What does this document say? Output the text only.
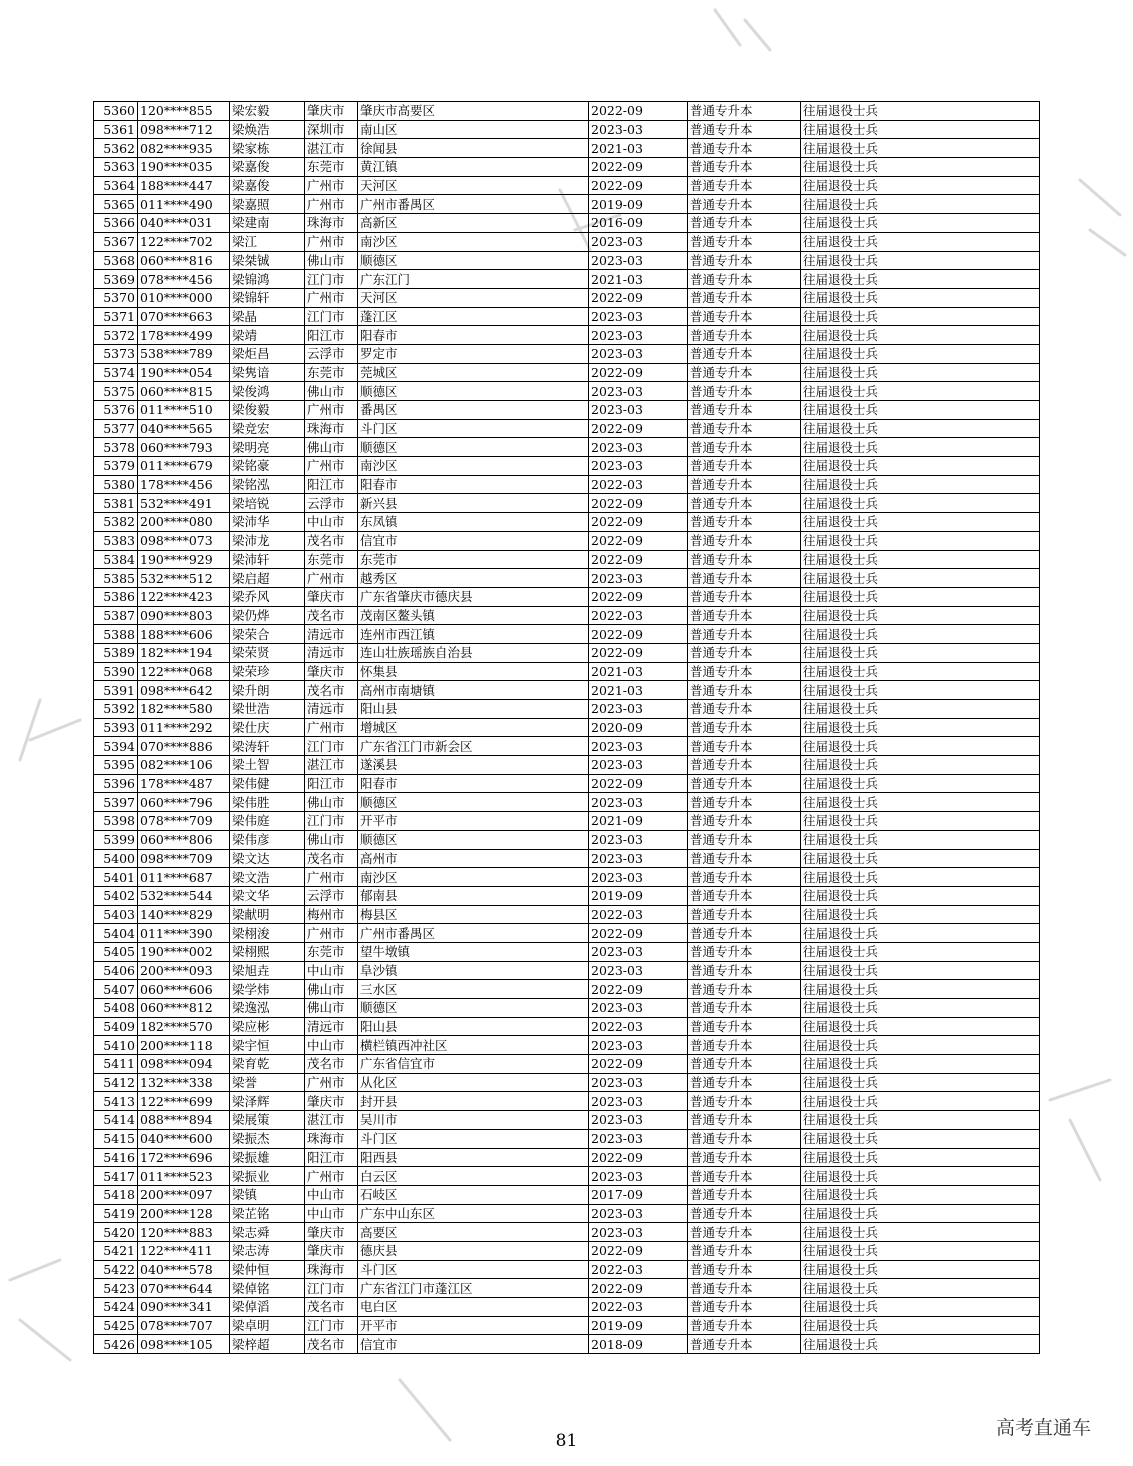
5360	120****855	梁宏毅	肇庆市	肇庆市高要区	2022-09	普通专升本	往届退役士兵
5361	098****712	梁焕浩	深圳市	南山区	2023-03	普通专升本	往届退役士兵
5362	082****935	梁家栋	湛江市	徐闻县	2021-03	普通专升本	往届退役士兵
5363	190****035	梁嘉俊	东莞市	黄江镇	2022-09	普通专升本	往届退役士兵
5364	188****447	梁嘉俊	广州市	天河区	2022-09	普通专升本	往届退役士兵
5365	011****490	梁嘉照	广州市	广州市番禺区	2019-09	普通专升本	往届退役士兵
5366	040****031	梁建南	珠海市	高新区	2016-09	普通专升本	往届退役士兵
5367	122****702	梁江	广州市	南沙区	2023-03	普通专升本	往届退役士兵
5368	060****816	梁桀铖	佛山市	顺德区	2023-03	普通专升本	往届退役士兵
5369	078****456	梁锦鸿	江门市	广东江门	2021-03	普通专升本	往届退役士兵
5370	010****000	梁锦轩	广州市	天河区	2022-09	普通专升本	往届退役士兵
5371	070****663	梁晶	江门市	蓬江区	2023-03	普通专升本	往届退役士兵
5372	178****499	梁靖	阳江市	阳春市	2023-03	普通专升本	往届退役士兵
5373	538****789	梁炬昌	云浮市	罗定市	2023-03	普通专升本	往届退役士兵
5374	190****054	梁隽谙	东莞市	莞城区	2022-09	普通专升本	往届退役士兵
5375	060****815	梁俊鸿	佛山市	顺德区	2023-03	普通专升本	往届退役士兵
5376	011****510	梁俊毅	广州市	番禺区	2023-03	普通专升本	往届退役士兵
5377	040****565	梁竞宏	珠海市	斗门区	2022-09	普通专升本	往届退役士兵
5378	060****793	梁明亮	佛山市	顺德区	2023-03	普通专升本	往届退役士兵
5379	011****679	梁铭豪	广州市	南沙区	2023-03	普通专升本	往届退役士兵
5380	178****456	梁铭泓	阳江市	阳春市	2022-03	普通专升本	往届退役士兵
5381	532****491	梁培锐	云浮市	新兴县	2022-09	普通专升本	往届退役士兵
5382	200****080	梁沛华	中山市	东凤镇	2022-09	普通专升本	往届退役士兵
5383	098****073	梁沛龙	茂名市	信宜市	2022-09	普通专升本	往届退役士兵
5384	190****929	梁沛轩	东莞市	东莞市	2022-09	普通专升本	往届退役士兵
5385	532****512	梁启超	广州市	越秀区	2023-03	普通专升本	往届退役士兵
5386	122****423	梁乔风	肇庆市	广东省肇庆市德庆县	2022-09	普通专升本	往届退役士兵
5387	090****803	梁仍烨	茂名市	茂南区鳌头镇	2022-03	普通专升本	往届退役士兵
5388	188****606	梁荣合	清远市	连州市西江镇	2022-09	普通专升本	往届退役士兵
5389	182****194	梁荣贤	清远市	连山壮族瑶族自治县	2022-09	普通专升本	往届退役士兵
5390	122****068	梁荣珍	肇庆市	怀集县	2021-03	普通专升本	往届退役士兵
5391	098****642	梁升朗	茂名市	高州市南塘镇	2021-03	普通专升本	往届退役士兵
5392	182****580	梁世浩	清远市	阳山县	2023-03	普通专升本	往届退役士兵
5393	011****292	梁仕庆	广州市	增城区	2020-09	普通专升本	往届退役士兵
5394	070****886	梁涛轩	江门市	广东省江门市新会区	2023-03	普通专升本	往届退役士兵
5395	082****106	梁土智	湛江市	遂溪县	2023-03	普通专升本	往届退役士兵
5396	178****487	梁伟健	阳江市	阳春市	2022-09	普通专升本	往届退役士兵
5397	060****796	梁伟胜	佛山市	顺德区	2023-03	普通专升本	往届退役士兵
5398	078****709	梁伟庭	江门市	开平市	2021-09	普通专升本	往届退役士兵
5399	060****806	梁伟彦	佛山市	顺德区	2023-03	普通专升本	往届退役士兵
5400	098****709	梁文达	茂名市	高州市	2023-03	普通专升本	往届退役士兵
5401	011****687	梁文浩	广州市	南沙区	2023-03	普通专升本	往届退役士兵
5402	532****544	梁文华	云浮市	郁南县	2019-09	普通专升本	往届退役士兵
5403	140****829	梁献明	梅州市	梅县区	2022-03	普通专升本	往届退役士兵
5404	011****390	梁栩浚	广州市	广州市番禺区	2022-09	普通专升本	往届退役士兵
5405	190****002	梁栩熙	东莞市	望牛墩镇	2023-03	普通专升本	往届退役士兵
5406	200****093	梁旭垚	中山市	阜沙镇	2023-03	普通专升本	往届退役士兵
5407	060****606	梁学炜	佛山市	三水区	2022-09	普通专升本	往届退役士兵
5408	060****812	梁逸泓	佛山市	顺德区	2023-03	普通专升本	往届退役士兵
5409	182****570	梁应彬	清远市	阳山县	2022-03	普通专升本	往届退役士兵
5410	200****118	梁宇恒	中山市	横栏镇西冲社区	2023-03	普通专升本	往届退役士兵
5411	098****094	梁育乾	茂名市	广东省信宜市	2022-09	普通专升本	往届退役士兵
5412	132****338	梁誉	广州市	从化区	2023-03	普通专升本	往届退役士兵
5413	122****699	梁泽辉	肇庆市	封开县	2023-03	普通专升本	往届退役士兵
5414	088****894	梁展策	湛江市	吴川市	2023-03	普通专升本	往届退役士兵
5415	040****600	梁振杰	珠海市	斗门区	2023-03	普通专升本	往届退役士兵
5416	172****696	梁振雄	阳江市	阳西县	2022-09	普通专升本	往届退役士兵
5417	011****523	梁振业	广州市	白云区	2023-03	普通专升本	往届退役士兵
5418	200****097	梁镇	中山市	石岐区	2017-09	普通专升本	往届退役士兵
5419	200****128	梁芷铭	中山市	广东中山东区	2023-03	普通专升本	往届退役士兵
5420	120****883	梁志舜	肇庆市	高要区	2023-03	普通专升本	往届退役士兵
5421	122****411	梁志涛	肇庆市	德庆县	2022-09	普通专升本	往届退役士兵
5422	040****578	梁仲恒	珠海市	斗门区	2022-03	普通专升本	往届退役士兵
5423	070****644	梁倬铭	江门市	广东省江门市蓬江区	2022-09	普通专升本	往届退役士兵
5424	090****341	梁倬滔	茂名市	电白区	2022-03	普通专升本	往届退役士兵
5425	078****707	梁卓明	江门市	开平市	2019-09	普通专升本	往届退役士兵
5426	098****105	梁梓超	茂名市	信宜市	2018-09	普通专升本	往届退役士兵
81
高考直通车
